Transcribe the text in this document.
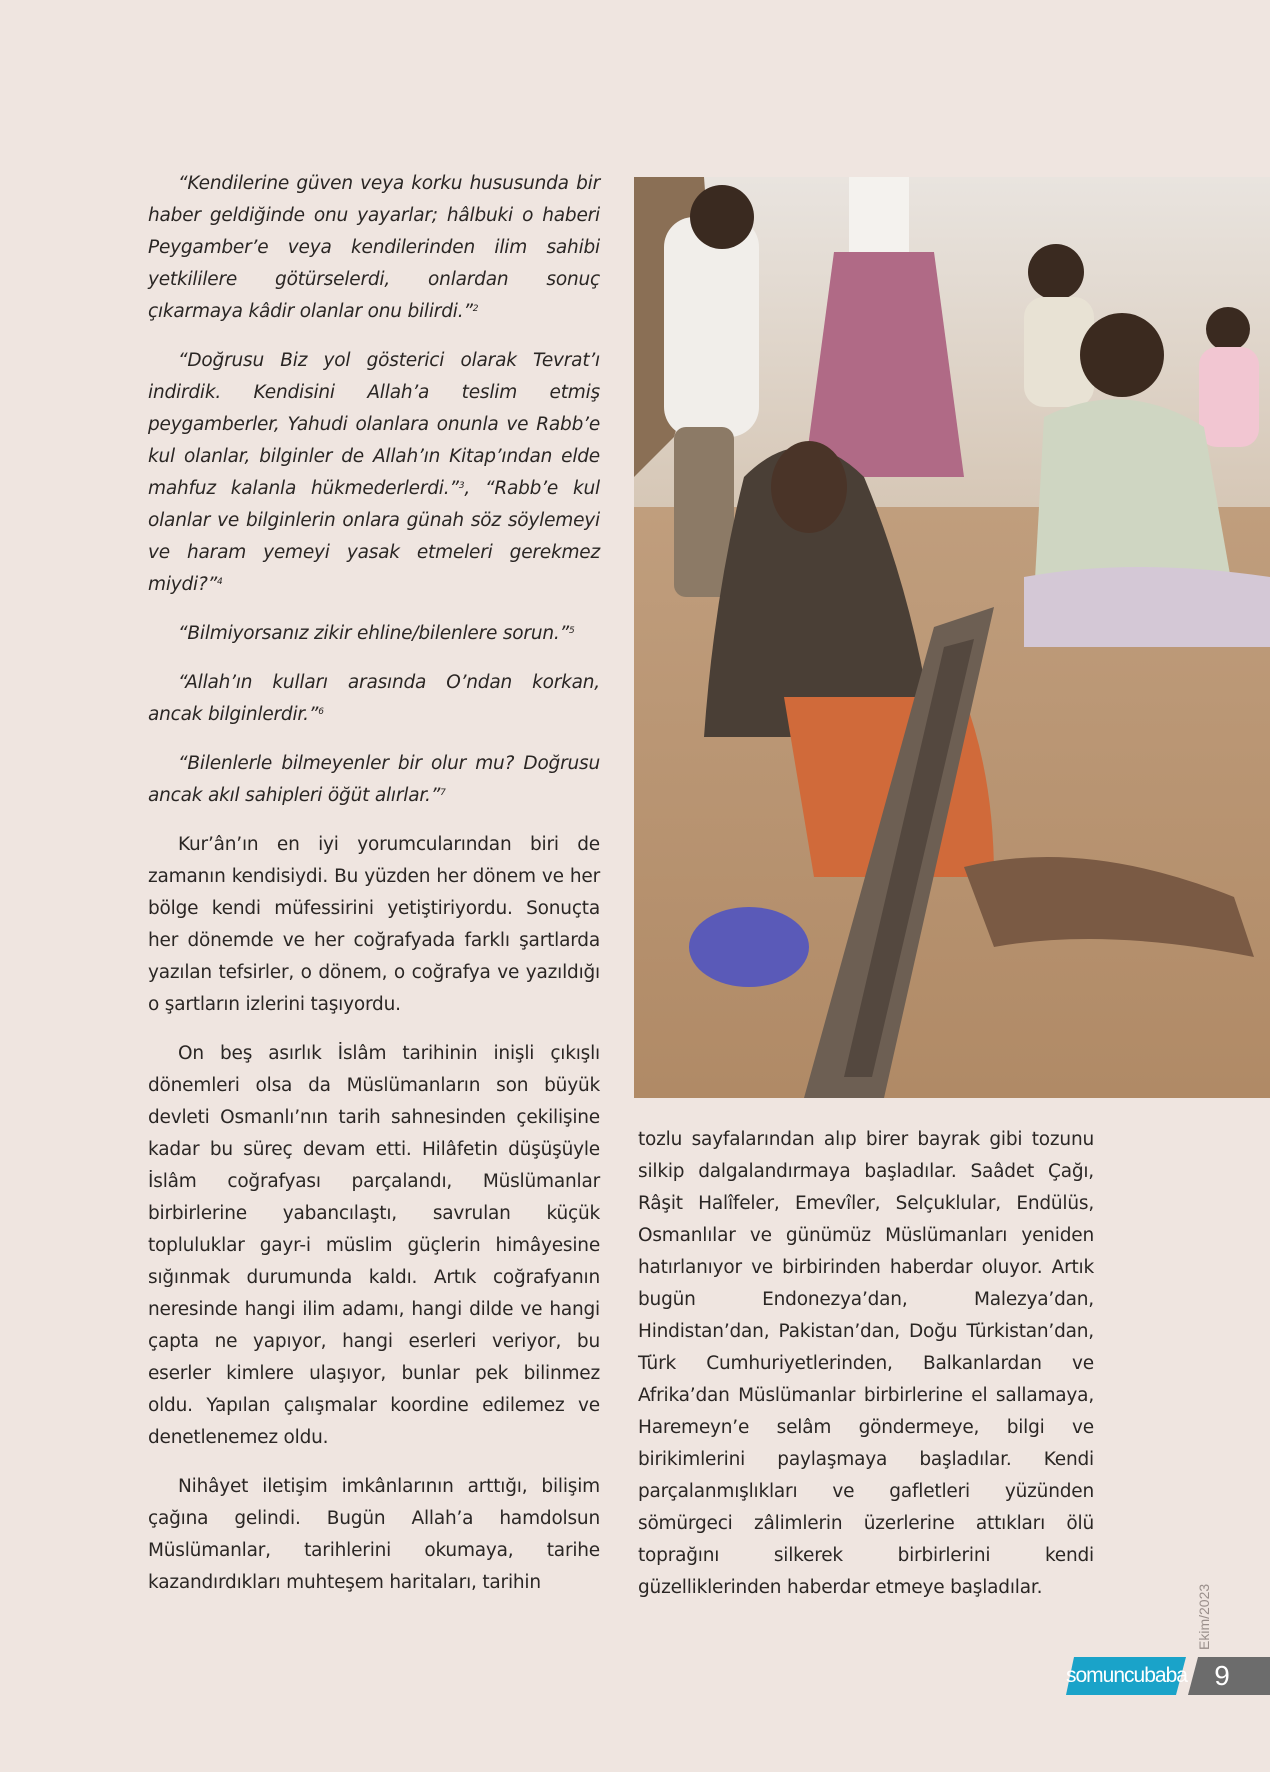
“Kendilerine güven veya korku hususunda bir haber geldiğinde onu yayarlar; hâlbuki o haberi Peygamber’e veya kendilerinden ilim sahibi yetkililere götürselerdi, onlardan sonuç çıkarmaya kâdir olanlar onu bilirdi.”$^2$

“Doğrusu Biz yol gösterici olarak Tevrat’ı indirdik. Kendisini Allah’a teslim etmiş peygamberler, Yahudi olanlara onunla ve Rabb’e kul olanlar, bilginler de Allah’ın Kitap’ından elde mahfuz kalanla hükmederlerdi.”$^3$, “Rabb’e kul olanlar ve bilginlerin onlara günah söz söylemeyi ve haram yemeyi yasak etmeleri gerekmez miydi?”$^4$

“Bilmiyorsanız zikir ehline/bilenlere sorun.”$^5$

“Allah’ın kulları arasında O’ndan korkan, ancak bilginlerdir.”$^6$

“Bilenlerle bilmeyenler bir olur mu? Doğrusu ancak akıl sahipleri öğüt alırlar.”$^7$

Kur’ân’ın en iyi yorumcularından biri de zamanın kendisiydi. Bu yüzden her dönem ve her bölge kendi müfessirini yetiştiriyordu. Sonuçta her dönemde ve her coğrafyada farklı şartlarda yazılan tefsirler, o dönem, o coğrafya ve yazıldığı o şartların izlerini taşıyordu.

On beş asırlık İslâm tarihinin inişli çıkışlı dönemleri olsa da Müslümanların son büyük devleti Osmanlı’nın tarih sahnesinden çekilişine kadar bu süreç devam etti. Hilâfetin düşüşüyle İslâm coğrafyası parçalandı, Müslümanlar birbirlerine yabancılaştı, savrulan küçük topluluklar gayr-i müslim güçlerin himâyesine sığınmak durumunda kaldı. Artık coğrafyanın neresinde hangi ilim adamı, hangi dilde ve hangi çapta ne yapıyor, hangi eserleri veriyor, bu eserler kimlere ulaşıyor, bunlar pek bilinmez oldu. Yapılan çalışmalar koordine edilemez ve denetlenemez oldu.

Nihâyet iletişim imkânlarının arttığı, bilişim çağına gelindi. Bugün Allah’a hamdolsun Müslümanlar, tarihlerini okumaya, tarihe kazandırdıkları muhteşem haritaları, tarihin

tozlu sayfalarından alıp birer bayrak gibi tozunu silkip dalgalandırmaya başladılar. Saâdet Çağı, Râşit Halîfeler, Emevîler, Selçuklular, Endülüs, Osmanlılar ve günümüz Müslümanları yeniden hatırlanıyor ve birbirinden haberdar oluyor. Artık bugün Endonezya’dan, Malezya’dan, Hindistan’dan, Pakistan’dan, Doğu Türkistan’dan, Türk Cumhuriyetlerinden, Balkanlardan ve Afrika’dan Müslümanlar birbirlerine el sallamaya, Haremeyn’e selâm göndermeye, bilgi ve birikimlerini paylaşmaya başladılar. Kendi parçalanmışlıkları ve gafletleri yüzünden sömürgeci zâlimlerin üzerlerine attıkları ölü toprağını silkerek birbirlerini kendi güzelliklerinden haberdar etmeye başladılar.	Ekim/2023
somuncubaba 9
